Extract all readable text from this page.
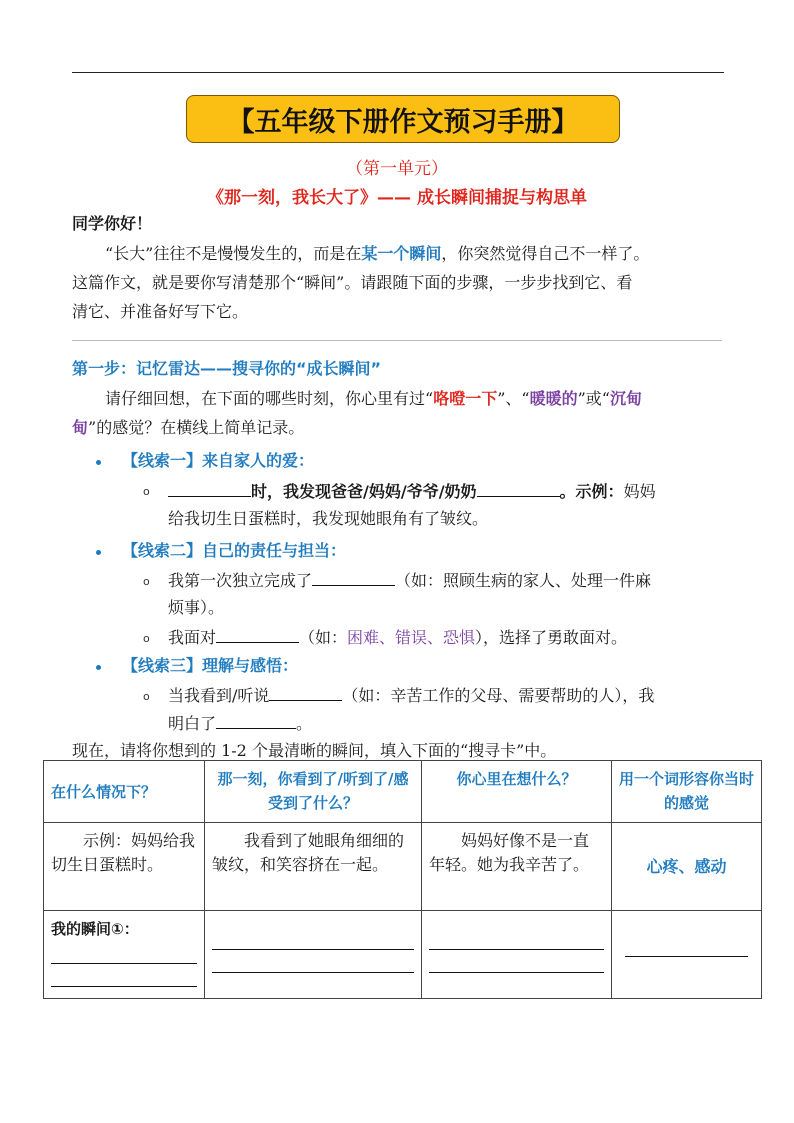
【五年级下册作文预习手册】
（第一单元）
《那一刻，我长大了》—— 成长瞬间捕捉与构思单
同学你好！
“长大”往往不是慢慢发生的，而是在某一个瞬间，你突然觉得自己不一样了。
这篇作文，就是要你写清楚那个“瞬间”。请跟随下面的步骤，一步步找到它、看
清它、并准备好写下它。
第一步：记忆雷达——搜寻你的“成长瞬间”
请仔细回想，在下面的哪些时刻，你心里有过“咯噔一下”、“暖暖的”或“沉甸
甸”的感觉？在横线上简单记录。
【线索一】来自家人的爱：
o	时，我发现爸爸/妈妈/爷爷/奶奶	。示例：妈妈
给我切生日蛋糕时，我发现她眼角有了皱纹。
【线索二】自己的责任与担当：
o 我第一次独立完成了	（如：照顾生病的家人、处理一件麻
烦事）。
o 我面对	（如：困难、错误、恐惧），选择了勇敢面对。
【线索三】理解与感悟：
o 当我看到/听说	（如：辛苦工作的父母、需要帮助的人），我
明白了	。
现在，请将你想到的 1-2 个最清晰的瞬间，填入下面的“搜寻卡”中。
在什么情况下？	那一刻，你看到了/听到了/感受到了什么？	你心里在想什么？	用一个词形容你当时的感觉
示例：妈妈给我切生日蛋糕时。	我看到了她眼角细细的皱纹，和笑容挤在一起。	妈妈好像不是一直年轻。她为我辛苦了。	心疼、感动

我的瞬间①：			
